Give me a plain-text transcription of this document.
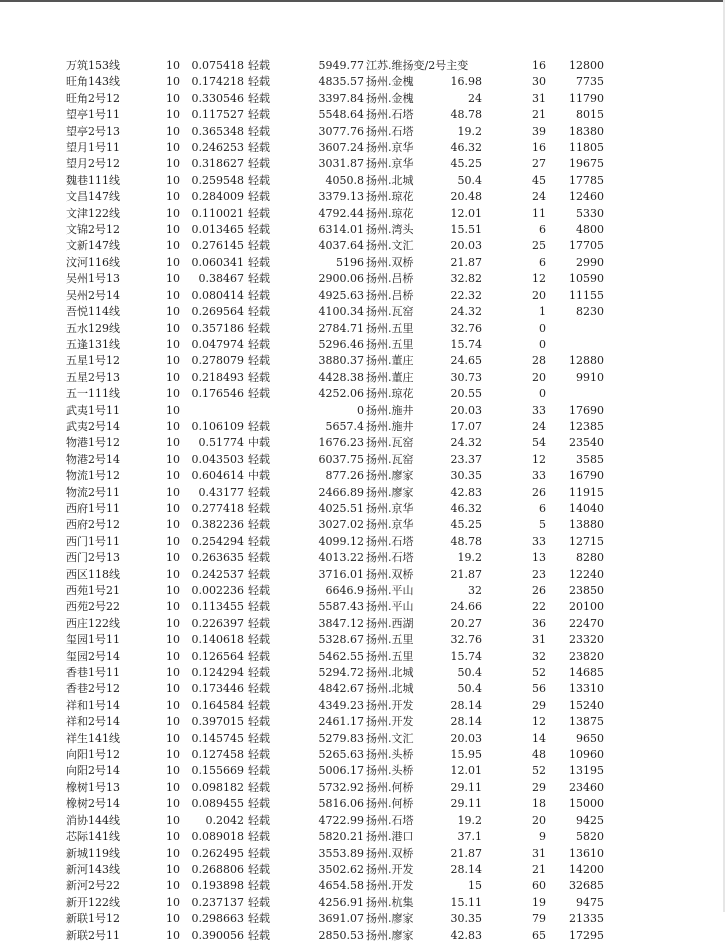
万筑153线	10	0.075418 轻载	5949.77 江苏.维扬变/2号主变	16	12800
旺角143线	10	0.174218 轻载	4835.57 扬州.金槐	16.98	30	7735
旺角2号12	10	0.330546 轻载	3397.84 扬州.金槐	24	31	11790
望亭1号11	10	0.117527 轻载	5548.64 扬州.石塔	48.78	21	8015
望亭2号13	10	0.365348 轻载	3077.76 扬州.石塔	19.2	39	18380
望月1号11	10	0.246253 轻载	3607.24 扬州.京华	46.32	16	11805
望月2号12	10	0.318627 轻载	3031.87 扬州.京华	45.25	27	19675
魏巷111线	10	0.259548 轻载	4050.8 扬州.北城	50.4	45	17785
文昌147线	10	0.284009 轻载	3379.13 扬州.琼花	20.48	24	12460
文津122线	10	0.110021 轻载	4792.44 扬州.琼花	12.01	11	5330
文锦2号12	10	0.013465 轻载	6314.01 扬州.湾头	15.51	6	4800
文新147线	10	0.276145 轻载	4037.64 扬州.文汇	20.03	25	17705
汶河116线	10	0.060341 轻载	5196 扬州.双桥	21.87	6	2990
吴州1号13	10	0.38467 轻载	2900.06 扬州.吕桥	32.82	12	10590
吴州2号14	10	0.080414 轻载	4925.63 扬州.吕桥	22.32	20	11155
吾悦114线	10	0.269564 轻载	4100.34 扬州.瓦窑	24.32	1	8230
五水129线	10	0.357186 轻载	2784.71 扬州.五里	32.76	0
五逢131线	10	0.047974 轻载	5296.46 扬州.五里	15.74	0
五星1号12	10	0.278079 轻载	3880.37 扬州.董庄	24.65	28	12880
五星2号13	10	0.218493 轻载	4428.38 扬州.董庄	30.73	20	9910
五一111线	10	0.176546 轻载	4252.06 扬州.琼花	20.55	0
武夷1号11	10	0 扬州.施井	20.03	33	17690
武夷2号14	10	0.106109 轻载	5657.4 扬州.施井	17.07	24	12385
物港1号12	10	0.51774 中载	1676.23 扬州.瓦窑	24.32	54	23540
物港2号14	10	0.043503 轻载	6037.75 扬州.瓦窑	23.37	12	3585
物流1号12	10	0.604614 中载	877.26 扬州.廖家	30.35	33	16790
物流2号11	10	0.43177 轻载	2466.89 扬州.廖家	42.83	26	11915
西府1号11	10	0.277418 轻载	4025.51 扬州.京华	46.32	6	14040
西府2号12	10	0.382236 轻载	3027.02 扬州.京华	45.25	5	13880
西门1号11	10	0.254294 轻载	4099.12 扬州.石塔	48.78	33	12715
西门2号13	10	0.263635 轻载	4013.22 扬州.石塔	19.2	13	8280
西区118线	10	0.242537 轻载	3716.01 扬州.双桥	21.87	23	12240
西苑1号21	10	0.002236 轻载	6646.9 扬州.平山	32	26	23850
西苑2号22	10	0.113455 轻载	5587.43 扬州.平山	24.66	22	20100
西庄122线	10	0.226397 轻载	3847.12 扬州.西湖	20.27	36	22470
玺园1号11	10	0.140618 轻载	5328.67 扬州.五里	32.76	31	23320
玺园2号14	10	0.126564 轻载	5462.55 扬州.五里	15.74	32	23820
香巷1号11	10	0.124294 轻载	5294.72 扬州.北城	50.4	52	14685
香巷2号12	10	0.173446 轻载	4842.67 扬州.北城	50.4	56	13310
祥和1号14	10	0.164584 轻载	4349.23 扬州.开发	28.14	29	15240
祥和2号14	10	0.397015 轻载	2461.17 扬州.开发	28.14	12	13875
祥生141线	10	0.145745 轻载	5279.83 扬州.文汇	20.03	14	9650
向阳1号12	10	0.127458 轻载	5265.63 扬州.头桥	15.95	48	10960
向阳2号14	10	0.155669 轻载	5006.17 扬州.头桥	12.01	52	13195
橡树1号13	10	0.098182 轻载	5732.92 扬州.何桥	29.11	29	23460
橡树2号14	10	0.089455 轻载	5816.06 扬州.何桥	29.11	18	15000
消协144线	10	0.2042 轻载	4722.99 扬州.石塔	19.2	20	9425
芯际141线	10	0.089018 轻载	5820.21 扬州.港口	37.1	9	5820
新城119线	10	0.262495 轻载	3553.89 扬州.双桥	21.87	31	13610
新河143线	10	0.268806 轻载	3502.62 扬州.开发	28.14	21	14200
新河2号22	10	0.193898 轻载	4654.58 扬州.开发	15	60	32685
新开122线	10	0.237137 轻载	4256.91 扬州.杭集	15.11	19	9475
新联1号12	10	0.298663 轻载	3691.07 扬州.廖家	30.35	79	21335
新联2号11	10	0.390056 轻载	2850.53 扬州.廖家	42.83	65	17295
